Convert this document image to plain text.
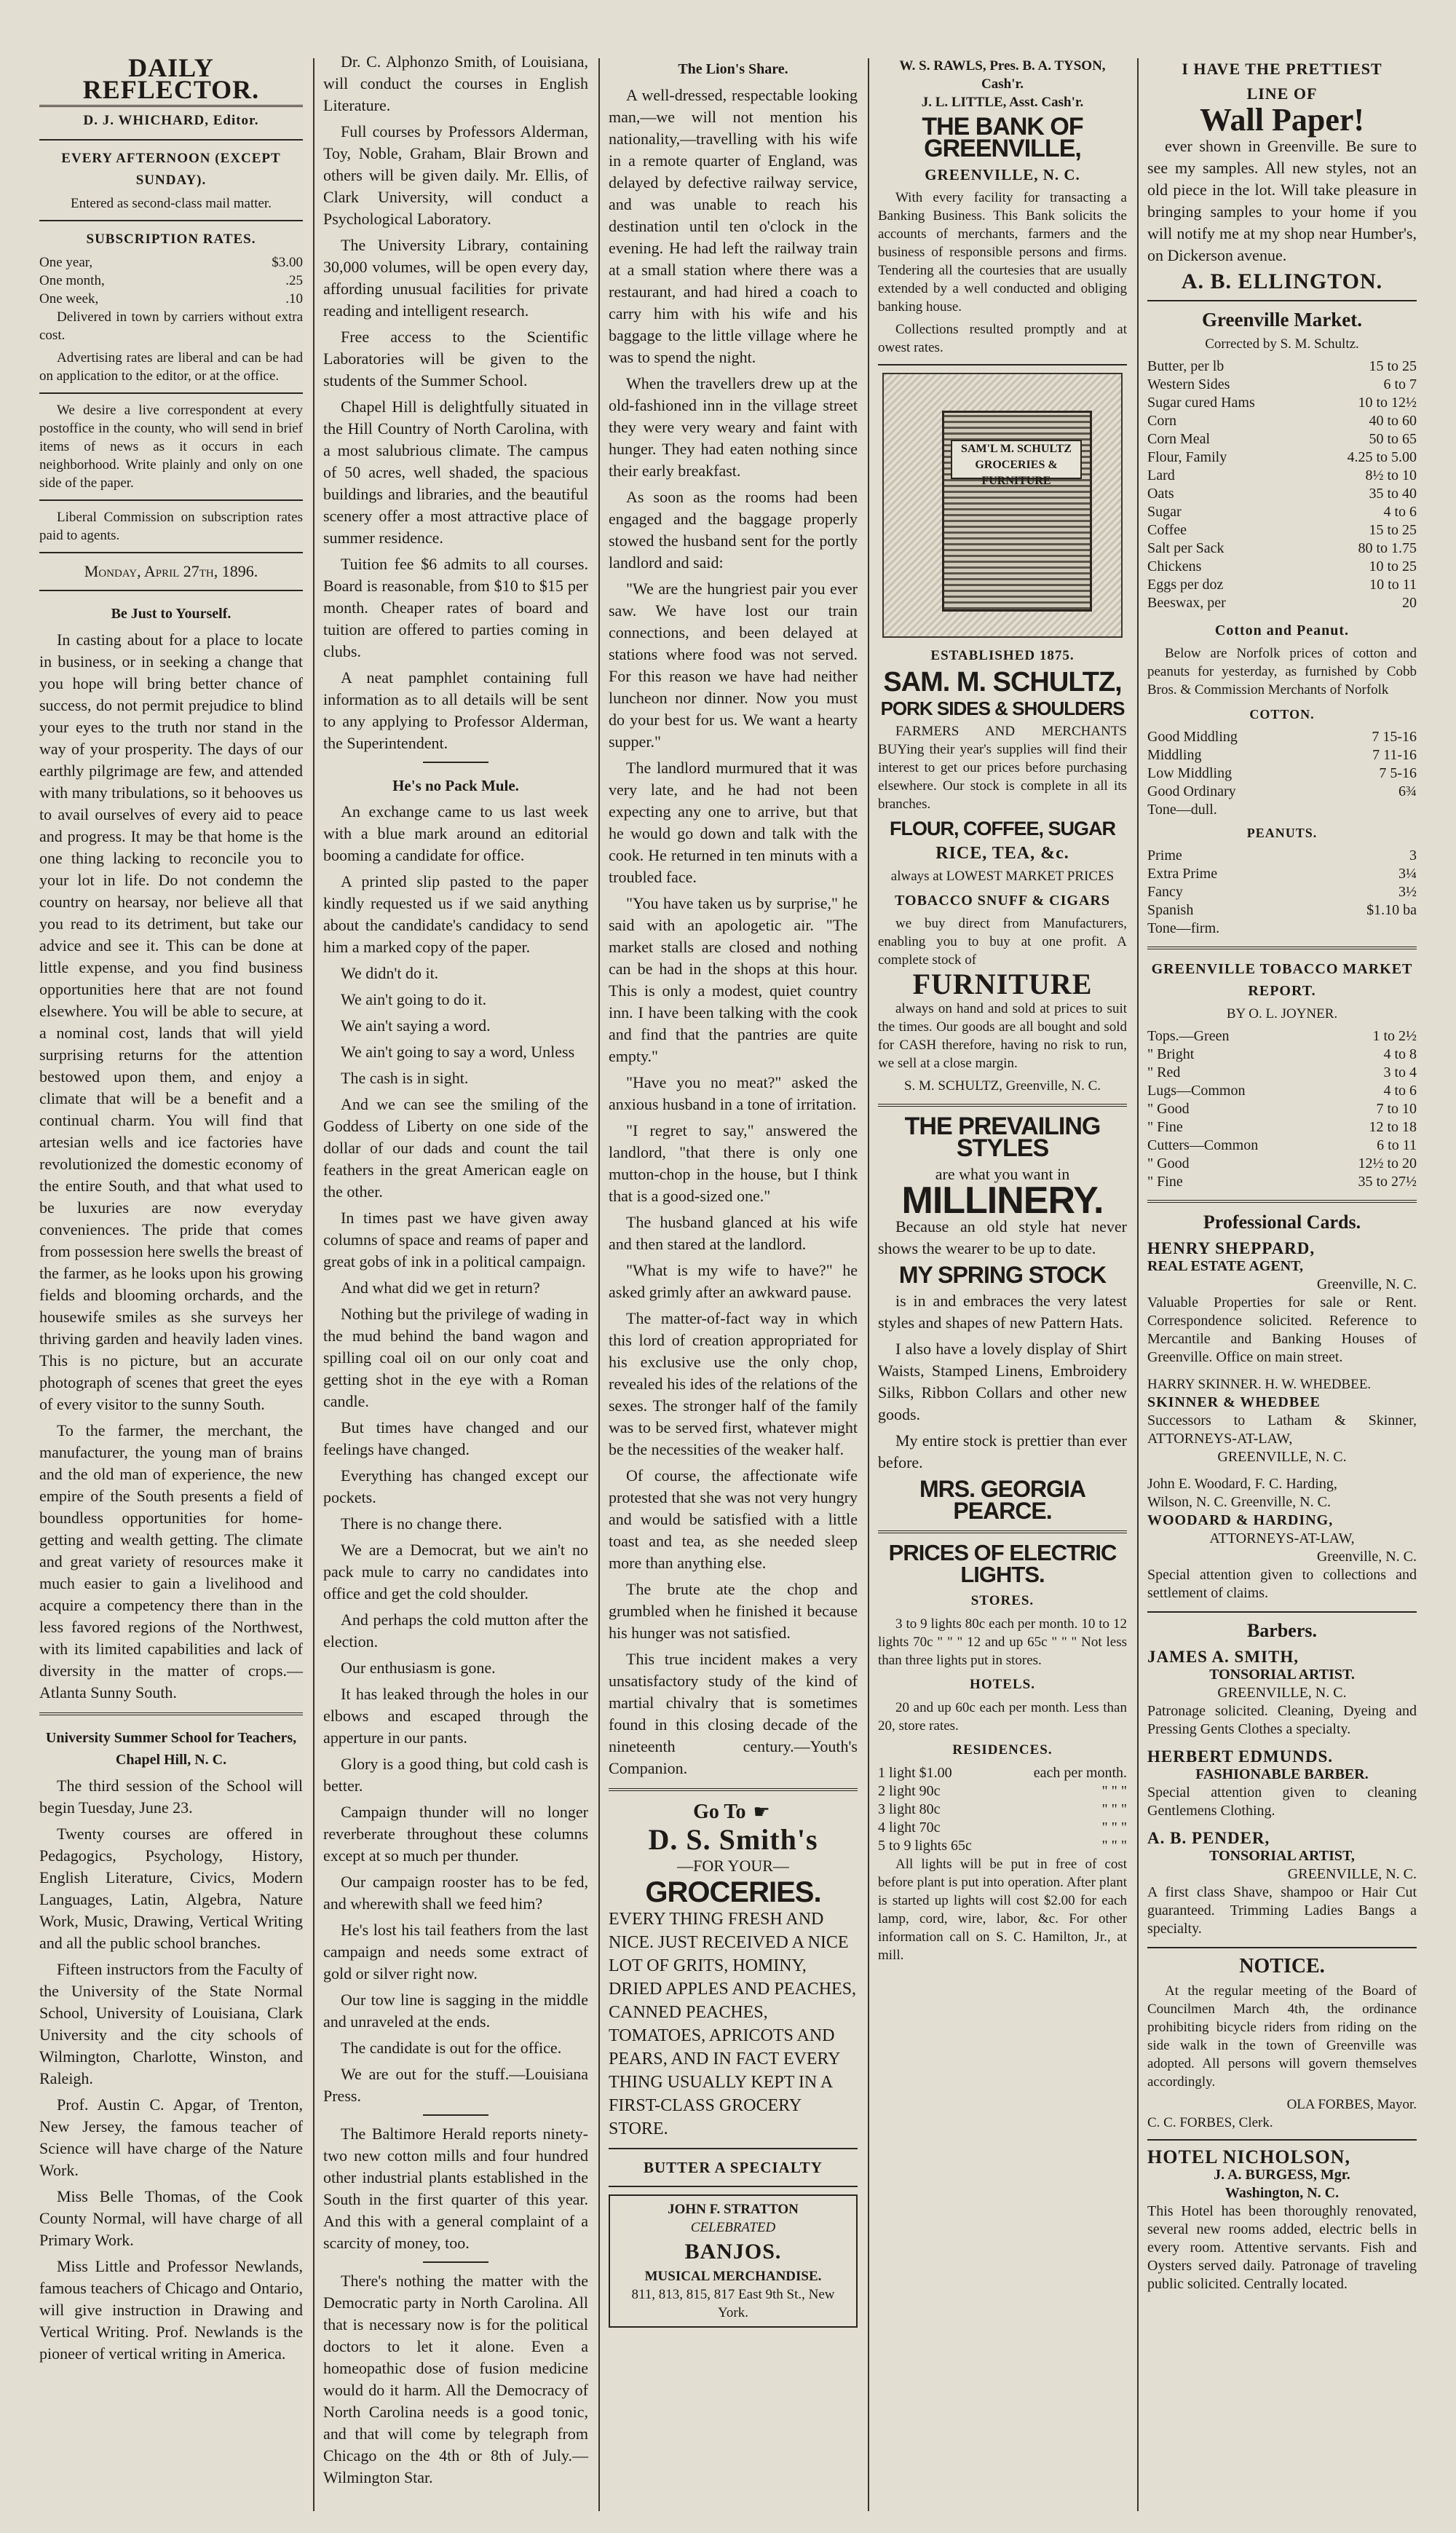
DAILY REFLECTOR.
D. J. WHICHARD, Editor.
EVERY AFTERNOON (EXCEPT SUNDAY).

Entered as second-class mail matter.

SUBSCRIPTION RATES.
One year,	$3.00
One month,	.25
One week,	.10

Delivered in town by carriers without extra cost.

Advertising rates are liberal and can be had on application to the editor, or at the office.

We desire a live correspondent at every postoffice in the county, who will send in brief items of news as it occurs in each neighborhood. Write plainly and only on one side of the paper.

Liberal Commission on subscription rates paid to agents.

Monday, April 27th, 1896.

Be Just to Yourself.

In casting about for a place to locate in business, or in seeking a change that you hope will bring better chance of success, do not permit prejudice to blind your eyes to the truth nor stand in the way of your prosperity. The days of our earthly pilgrimage are few, and attended with many tribulations, so it behooves us to avail ourselves of every aid to peace and progress. It may be that home is the one thing lacking to reconcile you to your lot in life. Do not condemn the country on hearsay, nor believe all that you read to its detriment, but take our advice and see it. This can be done at little expense, and you find business opportunities here that are not found elsewhere. You will be able to secure, at a nominal cost, lands that will yield surprising returns for the attention bestowed upon them, and enjoy a climate that will be a benefit and a continual charm. You will find that artesian wells and ice factories have revolutionized the domestic economy of the entire South, and that what used to be luxuries are now everyday conveniences. The pride that comes from possession here swells the breast of the farmer, as he looks upon his growing fields and blooming orchards, and the housewife smiles as she surveys her thriving garden and heavily laden vines. This is no picture, but an accurate photograph of scenes that greet the eyes of every visitor to the sunny South.

To the farmer, the merchant, the manufacturer, the young man of brains and the old man of experience, the new empire of the South presents a field of boundless opportunities for home-getting and wealth getting. The climate and great variety of resources make it much easier to gain a livelihood and acquire a competency there than in the less favored regions of the Northwest, with its limited capabilities and lack of diversity in the matter of crops.—Atlanta Sunny South.

University Summer School for Teachers, Chapel Hill, N. C.

The third session of the School will begin Tuesday, June 23.

Twenty courses are offered in Pedagogics, Psychology, History, English Literature, Civics, Modern Languages, Latin, Algebra, Nature Work, Music, Drawing, Vertical Writing and all the public school branches.

Fifteen instructors from the Faculty of the University of the State Normal School, University of Louisiana, Clark University and the city schools of Wilmington, Charlotte, Winston, and Raleigh.

Prof. Austin C. Apgar, of Trenton, New Jersey, the famous teacher of Science will have charge of the Nature Work.

Miss Belle Thomas, of the Cook County Normal, will have charge of all Primary Work.

Miss Little and Professor Newlands, famous teachers of Chicago and Ontario, will give instruction in Drawing and Vertical Writing. Prof. Newlands is the pioneer of vertical writing in America.

Dr. C. Alphonzo Smith, of Louisiana, will conduct the courses in English Literature.

Full courses by Professors Alderman, Toy, Noble, Graham, Blair Brown and others will be given daily. Mr. Ellis, of Clark University, will conduct a Psychological Laboratory.

The University Library, containing 30,000 volumes, will be open every day, affording unusual facilities for private reading and intelligent research.

Free access to the Scientific Laboratories will be given to the students of the Summer School.

Chapel Hill is delightfully situated in the Hill Country of North Carolina, with a most salubrious climate. The campus of 50 acres, well shaded, the spacious buildings and libraries, and the beautiful scenery offer a most attractive place of summer residence.

Tuition fee $6 admits to all courses. Board is reasonable, from $10 to $15 per month. Cheaper rates of board and tuition are offered to parties coming in clubs.

A neat pamphlet containing full information as to all details will be sent to any applying to Professor Alderman, the Superintendent.

He's no Pack Mule.

An exchange came to us last week with a blue mark around an editorial booming a candidate for office.

A printed slip pasted to the paper kindly requested us if we said anything about the candidate's candidacy to send him a marked copy of the paper.

We didn't do it.

We ain't going to do it.

We ain't saying a word.

We ain't going to say a word, Unless

The cash is in sight.

And we can see the smiling of the Goddess of Liberty on one side of the dollar of our dads and count the tail feathers in the great American eagle on the other.

In times past we have given away columns of space and reams of paper and great gobs of ink in a political campaign.

And what did we get in return?

Nothing but the privilege of wading in the mud behind the band wagon and spilling coal oil on our only coat and getting shot in the eye with a Roman candle.

But times have changed and our feelings have changed.

Everything has changed except our pockets.

There is no change there.

We are a Democrat, but we ain't no pack mule to carry no candidates into office and get the cold shoulder.

And perhaps the cold mutton after the election.

Our enthusiasm is gone.

It has leaked through the holes in our elbows and escaped through the apperture in our pants.

Glory is a good thing, but cold cash is better.

Campaign thunder will no longer reverberate throughout these columns except at so much per thunder.

Our campaign rooster has to be fed, and wherewith shall we feed him?

He's lost his tail feathers from the last campaign and needs some extract of gold or silver right now.

Our tow line is sagging in the middle and unraveled at the ends.

The candidate is out for the office.

We are out for the stuff.—Louisiana Press.

The Baltimore Herald reports ninety-two new cotton mills and four hundred other industrial plants established in the South in the first quarter of this year. And this with a general complaint of a scarcity of money, too.

There's nothing the matter with the Democratic party in North Carolina. All that is necessary now is for the political doctors to let it alone. Even a homeopathic dose of fusion medicine would do it harm. All the Democracy of North Carolina needs is a good tonic, and that will come by telegraph from Chicago on the 4th or 8th of July.—Wilmington Star.

The Lion's Share.

A well-dressed, respectable looking man,—we will not mention his nationality,—travelling with his wife in a remote quarter of England, was delayed by defective railway service, and was unable to reach his destination until ten o'clock in the evening. He had left the railway train at a small station where there was a restaurant, and had hired a coach to carry him with his wife and his baggage to the little village where he was to spend the night.

When the travellers drew up at the old-fashioned inn in the village street they were very weary and faint with hunger. They had eaten nothing since their early breakfast.

As soon as the rooms had been engaged and the baggage properly stowed the husband sent for the portly landlord and said:

"We are the hungriest pair you ever saw. We have lost our train connections, and been delayed at stations where food was not served. For this reason we have had neither luncheon nor dinner. Now you must do your best for us. We want a hearty supper."

The landlord murmured that it was very late, and he had not been expecting any one to arrive, but that he would go down and talk with the cook. He returned in ten minuts with a troubled face.

"You have taken us by surprise," he said with an apologetic air. "The market stalls are closed and nothing can be had in the shops at this hour. This is only a modest, quiet country inn. I have been talking with the cook and find that the pantries are quite empty."

"Have you no meat?" asked the anxious husband in a tone of irritation.

"I regret to say," answered the landlord, "that there is only one mutton-chop in the house, but I think that is a good-sized one."

The husband glanced at his wife and then stared at the landlord.

"What is my wife to have?" he asked grimly after an awkward pause.

The matter-of-fact way in which this lord of creation appropriated for his exclusive use the only chop, revealed his ides of the relations of the sexes. The stronger half of the family was to be served first, whatever might be the necessities of the weaker half.

Of course, the affectionate wife protested that she was not very hungry and would be satisfied with a little toast and tea, as she needed sleep more than anything else.

The brute ate the chop and grumbled when he finished it because his hunger was not satisfied.

This true incident makes a very unsatisfactory study of the kind of martial chivalry that is sometimes found in this closing decade of the nineteenth century.—Youth's Companion.

Go To ☛
D. S. Smith's

—FOR YOUR—

GROCERIES.

EVERY THING FRESH AND NICE. JUST RECEIVED A NICE LOT OF GRITS, HOMINY, DRIED APPLES AND PEACHES, CANNED PEACHES, TOMATOES, APRICOTS AND PEARS, AND IN FACT EVERY THING USUALLY KEPT IN A FIRST-CLASS GROCERY STORE.

BUTTER A SPECIALTY
JOHN F. STRATTON
CELEBRATED
BANJOS.
MUSICAL MERCHANDISE.
811, 813, 815, 817 East 9th St., New York.
W. S. RAWLS, Pres. B. A. TYSON, Cash'r.
J. L. LITTLE, Asst. Cash'r.
THE BANK OF GREENVILLE,
GREENVILLE, N. C.

With every facility for transacting a Banking Business. This Bank solicits the accounts of merchants, farmers and the business of responsible persons and firms. Tendering all the courtesies that are usually extended by a well conducted and obliging banking house.

Collections resulted promptly and at owest rates.

SAM'L M. SCHULTZ GROCERIES & FURNITURE
ESTABLISHED 1875.
SAM. M. SCHULTZ,
PORK SIDES & SHOULDERS

FARMERS AND MERCHANTS BUYing their year's supplies will find their interest to get our prices before purchasing elsewhere. Our stock is complete in all its branches.

FLOUR, COFFEE, SUGAR
RICE, TEA, &c.

always at LOWEST MARKET PRICES

TOBACCO SNUFF & CIGARS

we buy direct from Manufacturers, enabling you to buy at one profit. A complete stock of

FURNITURE

always on hand and sold at prices to suit the times. Our goods are all bought and sold for CASH therefore, having no risk to run, we sell at a close margin.

S. M. SCHULTZ, Greenville, N. C.

THE PREVAILING STYLES

are what you want in

MILLINERY.

Because an old style hat never shows the wearer to be up to date.

MY SPRING STOCK

is in and embraces the very latest styles and shapes of new Pattern Hats.

I also have a lovely display of Shirt Waists, Stamped Linens, Embroidery Silks, Ribbon Collars and other new goods.

My entire stock is prettier than ever before.

MRS. GEORGIA PEARCE.
PRICES OF ELECTRIC LIGHTS.
STORES.

3 to 9 lights 80c each per month. 10 to 12 lights 70c " " " 12 and up 65c " " " Not less than three lights put in stores.

HOTELS.

20 and up 60c each per month. Less than 20, store rates.

RESIDENCES.
1 light $1.00	each per month.
2 light 90c	" " "
3 light 80c	" " "
4 light 70c	" " "
5 to 9 lights 65c	" " "

All lights will be put in free of cost before plant is put into operation. After plant is started up lights will cost $2.00 for each lamp, cord, wire, labor, &c. For other information call on S. C. Hamilton, Jr., at mill.

I HAVE THE PRETTIEST
LINE OF
Wall Paper!

ever shown in Greenville. Be sure to see my samples. All new styles, not an old piece in the lot. Will take pleasure in bringing samples to your home if you will notify me at my shop near Humber's, on Dickerson avenue.

A. B. ELLINGTON.
Greenville Market.

Corrected by S. M. Schultz.

Butter, per lb	15 to 25
Western Sides	6 to 7
Sugar cured Hams	10 to 12½
Corn	40 to 60
Corn Meal	50 to 65
Flour, Family	4.25 to 5.00
Lard	8½ to 10
Oats	35 to 40
Sugar	4 to 6
Coffee	15 to 25
Salt per Sack	80 to 1.75
Chickens	10 to 25
Eggs per doz	10 to 11
Beeswax, per	20
Cotton and Peanut.

Below are Norfolk prices of cotton and peanuts for yesterday, as furnished by Cobb Bros. & Commission Merchants of Norfolk

COTTON.
Good Middling	7 15-16
Middling	7 11-16
Low Middling	7 5-16
Good Ordinary	6¾
Tone—dull.
PEANUTS.
Prime	3
Extra Prime	3¼
Fancy	3½
Spanish	$1.10 ba
Tone—firm.
GREENVILLE TOBACCO MARKET REPORT.

BY O. L. JOYNER.

Tops.—Green	1 to 2½
" Bright	4 to 8
" Red	3 to 4
Lugs—Common	4 to 6
" Good	7 to 10
" Fine	12 to 18
Cutters—Common	6 to 11
" Good	12½ to 20
" Fine	35 to 27½
Professional Cards.
HENRY SHEPPARD,
REAL ESTATE AGENT,
Greenville, N. C.
Valuable Properties for sale or Rent. Correspondence solicited. Reference to Mercantile and Banking Houses of Greenville. Office on main street.
HARRY SKINNER. H. W. WHEDBEE.
SKINNER & WHEDBEE
Successors to Latham & Skinner, ATTORNEYS-AT-LAW,
GREENVILLE, N. C.
John E. Woodard, F. C. Harding,
Wilson, N. C. Greenville, N. C.
WOODARD & HARDING,
ATTORNEYS-AT-LAW,
Greenville, N. C.
Special attention given to collections and settlement of claims.
Barbers.
JAMES A. SMITH,
TONSORIAL ARTIST.
GREENVILLE, N. C.
Patronage solicited. Cleaning, Dyeing and Pressing Gents Clothes a specialty.
HERBERT EDMUNDS.
FASHIONABLE BARBER.
Special attention given to cleaning Gentlemens Clothing.
A. B. PENDER,
TONSORIAL ARTIST,
GREENVILLE, N. C.
A first class Shave, shampoo or Hair Cut guaranteed. Trimming Ladies Bangs a specialty.
NOTICE.

At the regular meeting of the Board of Councilmen March 4th, the ordinance prohibiting bicycle riders from riding on the side walk in the town of Greenville was adopted. All persons will govern themselves accordingly.

OLA FORBES, Mayor.
C. C. FORBES, Clerk.
HOTEL NICHOLSON,
J. A. BURGESS, Mgr.
Washington, N. C.
This Hotel has been thoroughly renovated, several new rooms added, electric bells in every room. Attentive servants. Fish and Oysters served daily. Patronage of traveling public solicited. Centrally located.
